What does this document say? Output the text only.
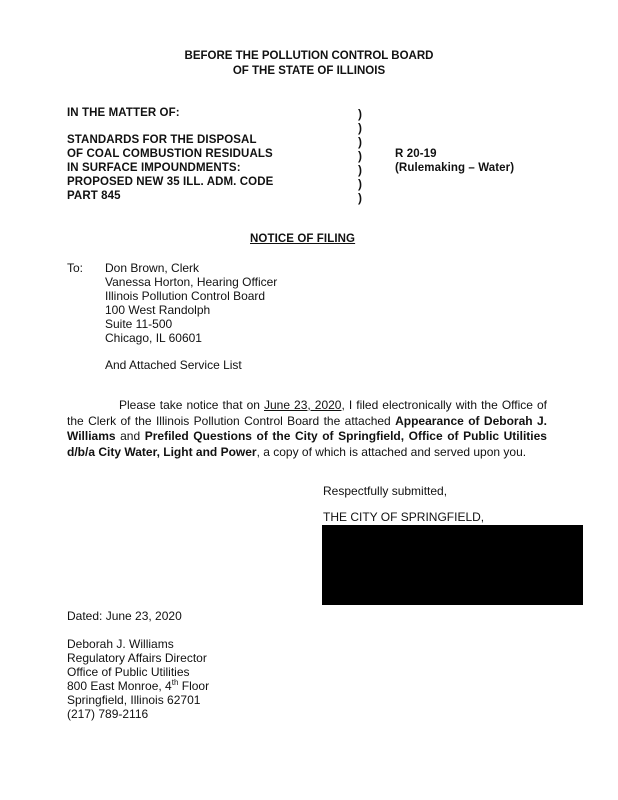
BEFORE THE POLLUTION CONTROL BOARD
OF THE STATE OF ILLINOIS
IN THE MATTER OF:
STANDARDS FOR THE DISPOSAL
OF COAL COMBUSTION RESIDUALS
IN SURFACE IMPOUNDMENTS:
PROPOSED NEW 35 ILL. ADM. CODE
PART 845
)
)
)
)
)
)
)
R 20-19
(Rulemaking – Water)
NOTICE OF FILING
To: Don Brown, Clerk
Vanessa Horton, Hearing Officer
Illinois Pollution Control Board
100 West Randolph
Suite 11-500
Chicago, IL 60601
And Attached Service List
Please take notice that on June 23, 2020, I filed electronically with the Office of the Clerk of the Illinois Pollution Control Board the attached Appearance of Deborah J. Williams and Prefiled Questions of the City of Springfield, Office of Public Utilities d/b/a City Water, Light and Power, a copy of which is attached and served upon you.
Respectfully submitted,
THE CITY OF SPRINGFIELD,
Dated: June 23, 2020
Deborah J. Williams
Regulatory Affairs Director
Office of Public Utilities
800 East Monroe, 4th Floor
Springfield, Illinois 62701
(217) 789-2116
